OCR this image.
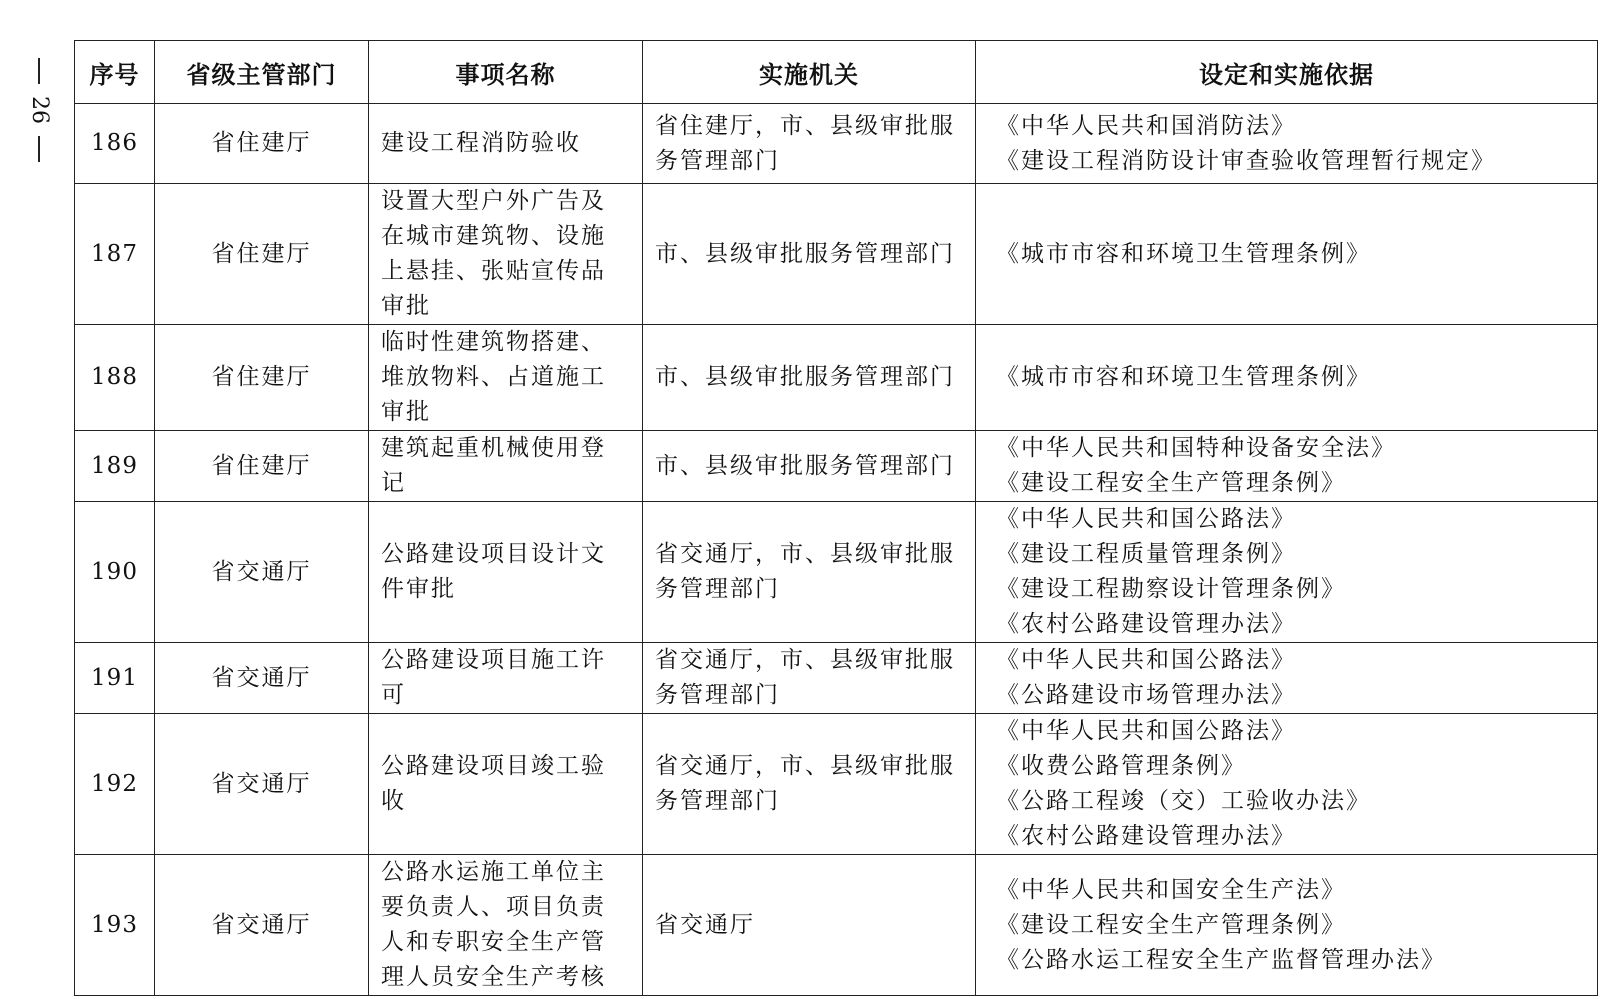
26
序号	省级主管部门	事项名称	实施机关	设定和实施依据
186	省住建厅	建设工程消防验收	省住建厅，市、县级审批服务管理部门	《中华人民共和国消防法》
《建设工程消防设计审查验收管理暂行规定》

187	省住建厅	设置大型户外广告及在城市建筑物、设施上悬挂、张贴宣传品审批	市、县级审批服务管理部门	《城市市容和环境卫生管理条例》

188	省住建厅	临时性建筑物搭建、堆放物料、占道施工审批	市、县级审批服务管理部门	《城市市容和环境卫生管理条例》

189	省住建厅	建筑起重机械使用登记	市、县级审批服务管理部门	《中华人民共和国特种设备安全法》
《建设工程安全生产管理条例》

190	省交通厅	公路建设项目设计文件审批	省交通厅，市、县级审批服务管理部门	《中华人民共和国公路法》
《建设工程质量管理条例》
《建设工程勘察设计管理条例》
《农村公路建设管理办法》

191	省交通厅	公路建设项目施工许可	省交通厅，市、县级审批服务管理部门	《中华人民共和国公路法》
《公路建设市场管理办法》

192	省交通厅	公路建设项目竣工验收	省交通厅，市、县级审批服务管理部门	《中华人民共和国公路法》
《收费公路管理条例》
《公路工程竣（交）工验收办法》
《农村公路建设管理办法》

193	省交通厅	公路水运施工单位主要负责人、项目负责人和专职安全生产管理人员安全生产考核	省交通厅	《中华人民共和国安全生产法》
《建设工程安全生产管理条例》
《公路水运工程安全生产监督管理办法》
